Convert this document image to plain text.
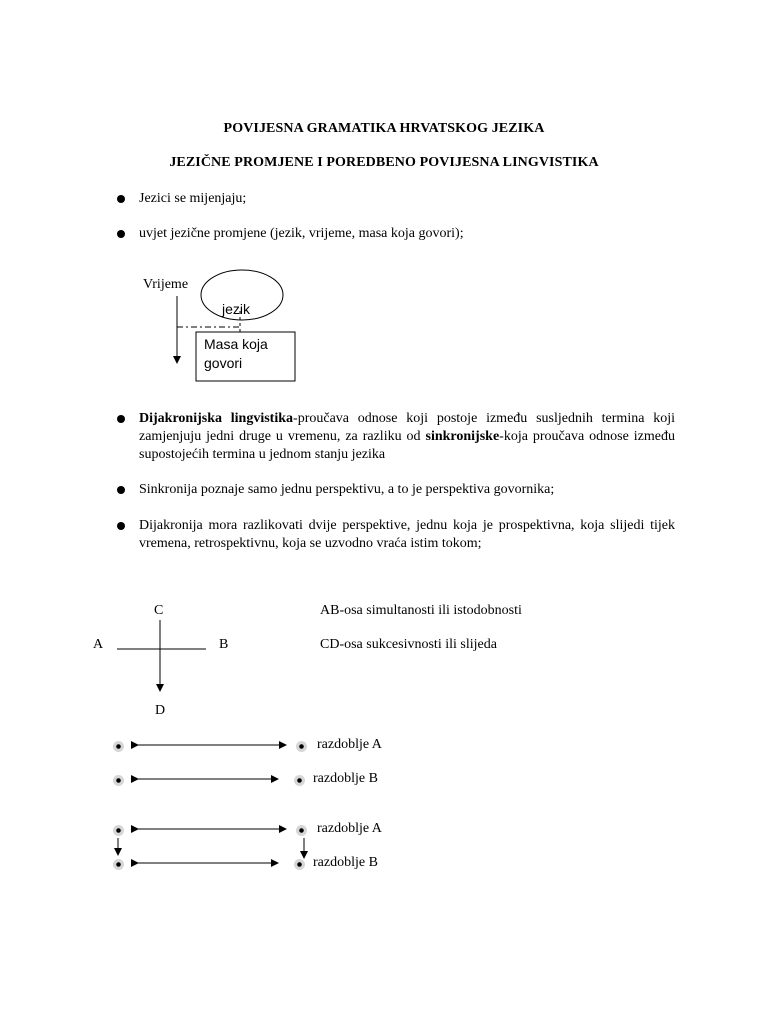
POVIJESNA GRAMATIKA HRVATSKOG JEZIKA
JEZIČNE PROMJENE I POREDBENO POVIJESNA LINGVISTIKA
Jezici se mijenjaju;
uvjet jezične promjene (jezik, vrijeme, masa koja govori);
Vrijeme
jezik
Masa koja
govori
Dijakronijska lingvistika-proučava odnose koji postoje između susljednih termina koji zamjenjuju jedni druge u vremenu, za razliku od sinkronijske-koja proučava odnose između supostojećih termina u jednom stanju jezika
Sinkronija poznaje samo jednu perspektivu, a to je perspektiva govornika;
Dijakronija mora razlikovati dvije perspektive, jednu koja je prospektivna, koja slijedi tijek vremena, retrospektivnu, koja se uzvodno vraća istim tokom;
C
A	B
D
AB-osa simultanosti ili istodobnosti
CD-osa sukcesivnosti ili slijeda
razdoblje A
razdoblje B
razdoblje A
razdoblje B
